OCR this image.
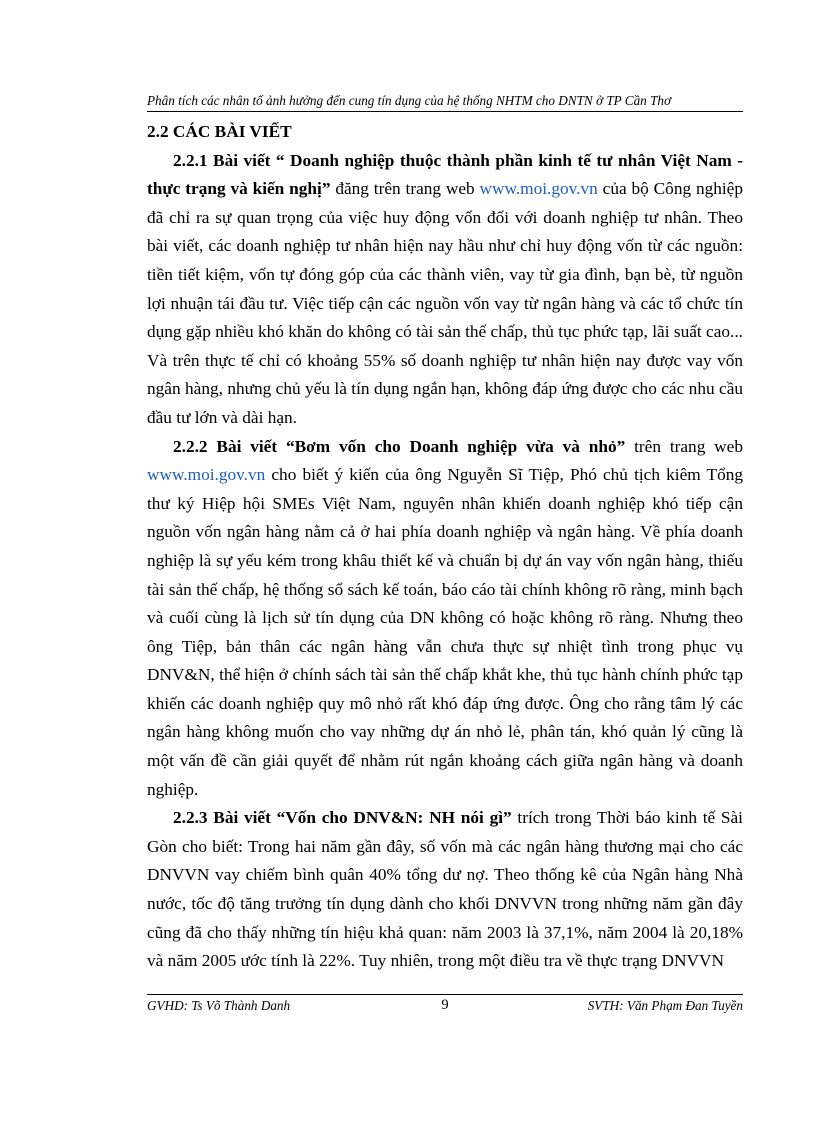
Phân tích các nhân tố ảnh hưởng đến cung tín dụng của hệ thống NHTM cho DNTN ở TP Cần Thơ

2.2 CÁC BÀI VIẾT

2.2.1 Bài viết “ Doanh nghiệp thuộc thành phần kinh tế tư nhân Việt Nam - thực trạng và kiến nghị” đăng trên trang web www.moi.gov.vn của bộ Công nghiệp đã chỉ ra sự quan trọng của việc huy động vốn đối với doanh nghiệp tư nhân. Theo bài viết, các doanh nghiệp tư nhân hiện nay hầu như chỉ huy động vốn từ các nguồn: tiền tiết kiệm, vốn tự đóng góp của các thành viên, vay từ gia đình, bạn bè, từ nguồn lợi nhuận tái đầu tư. Việc tiếp cận các nguồn vốn vay từ ngân hàng và các tổ chức tín dụng gặp nhiều khó khăn do không có tài sản thế chấp, thủ tục phức tạp, lãi suất cao... Và trên thực tế chỉ có khoảng 55% số doanh nghiệp tư nhân hiện nay được vay vốn ngân hàng, nhưng chủ yếu là tín dụng ngắn hạn, không đáp ứng được cho các nhu cầu đầu tư lớn và dài hạn.

2.2.2 Bài viết “Bơm vốn cho Doanh nghiệp vừa và nhỏ” trên trang web www.moi.gov.vn cho biết ý kiến của ông Nguyễn Sĩ Tiệp, Phó chủ tịch kiêm Tổng thư ký Hiệp hội SMEs Việt Nam, nguyên nhân khiến doanh nghiệp khó tiếp cận nguồn vốn ngân hàng nằm cả ở hai phía doanh nghiệp và ngân hàng. Về phía doanh nghiệp là sự yếu kém trong khâu thiết kế và chuẩn bị dự án vay vốn ngân hàng, thiếu tài sản thế chấp, hệ thống sổ sách kế toán, báo cáo tài chính không rõ ràng, minh bạch và cuối cùng là lịch sử tín dụng của DN không có hoặc không rõ ràng. Nhưng theo ông Tiệp, bản thân các ngân hàng vẫn chưa thực sự nhiệt tình trong phục vụ DNV&N, thể hiện ở chính sách tài sản thế chấp khắt khe, thủ tục hành chính phức tạp khiến các doanh nghiệp quy mô nhỏ rất khó đáp ứng được. Ông cho rằng tâm lý các ngân hàng không muốn cho vay những dự án nhỏ lẻ, phân tán, khó quản lý cũng là một vấn đề cần giải quyết để nhằm rút ngắn khoảng cách giữa ngân hàng và doanh nghiệp.

2.2.3 Bài viết “Vốn cho DNV&N: NH nói gì” trích trong Thời báo kinh tế Sài Gòn cho biết: Trong hai năm gần đây, số vốn mà các ngân hàng thương mại cho các DNVVN vay chiếm bình quân 40% tổng dư nợ. Theo thống kê của Ngân hàng Nhà nước, tốc độ tăng trưởng tín dụng dành cho khối DNVVN trong những năm gần đây cũng đã cho thấy những tín hiệu khả quan: năm 2003 là 37,1%, năm 2004 là 20,18% và năm 2005 ước tính là 22%. Tuy nhiên, trong một điều tra về thực trạng DNVVN

GVHD: Ts Võ Thành Danh	9	SVTH: Văn Phạm Đan Tuyền
